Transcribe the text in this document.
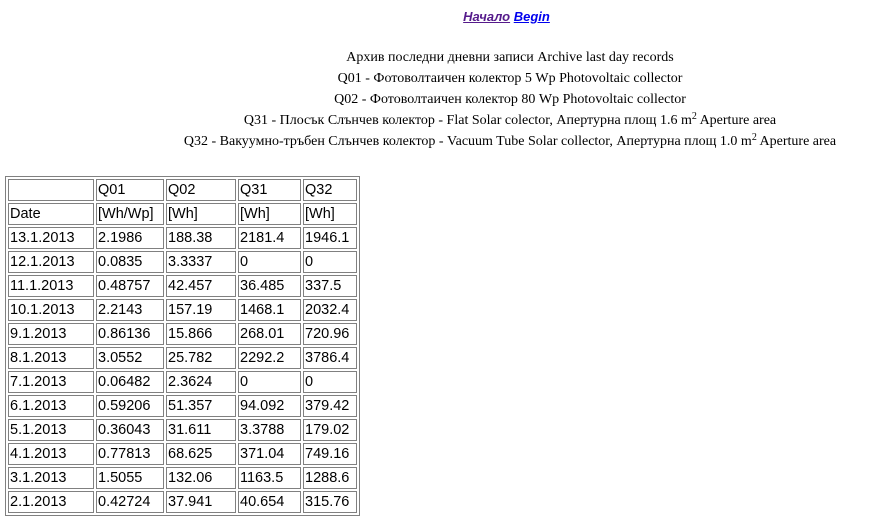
Начало Begin
Архив последни дневни записи Archive last day records
Q01 - Фотоволтаичен колектор 5 Wp Photovoltaic collector
Q02 - Фотоволтаичен колектор 80 Wp Photovoltaic collector
Q31 - Плосък Слънчев колектор - Flat Solar colector, Апертурна площ 1.6 $m^2$ Aperture area
Q32 - Вакуумно-тръбен Слънчев колектор - Vacuum Tube Solar collector, Апертурна площ 1.0 $m^2$ Aperture area
	Q01	Q02	Q31	Q32
Date	[Wh/Wp]	[Wh]	[Wh]	[Wh]
13.1.2013	2.1986	188.38	2181.4	1946.1
12.1.2013	0.0835	3.3337	0	0
11.1.2013	0.48757	42.457	36.485	337.5
10.1.2013	2.2143	157.19	1468.1	2032.4
9.1.2013	0.86136	15.866	268.01	720.96
8.1.2013	3.0552	25.782	2292.2	3786.4
7.1.2013	0.06482	2.3624	0	0
6.1.2013	0.59206	51.357	94.092	379.42
5.1.2013	0.36043	31.611	3.3788	179.02
4.1.2013	0.77813	68.625	371.04	749.16
3.1.2013	1.5055	132.06	1163.5	1288.6
2.1.2013	0.42724	37.941	40.654	315.76
